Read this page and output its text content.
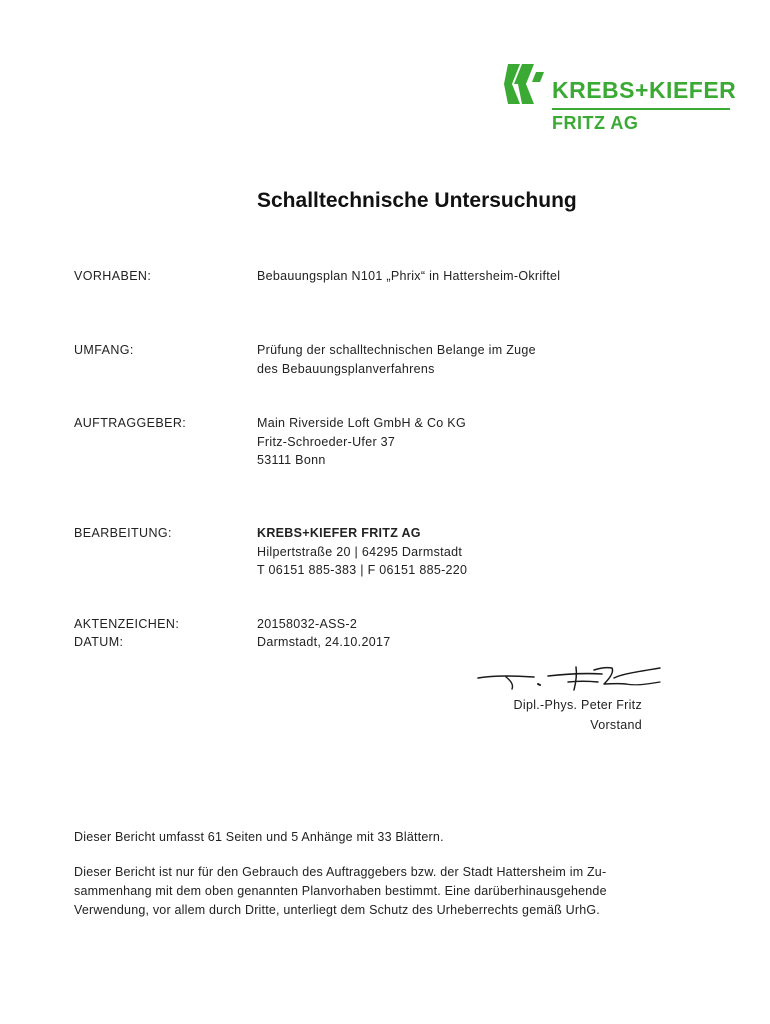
KREBS+KIEFER
FRITZ AG
Schalltechnische Untersuchung
VORHABEN:	Bebauungsplan N101 „Phrix“ in Hattersheim-Okriftel
UMFANG:	Prüfung der schalltechnischen Belange im Zuge
des Bebauungsplanverfahrens
AUFTRAGGEBER:	Main Riverside Loft GmbH & Co KG
Fritz-Schroeder-Ufer 37
53111 Bonn
BEARBEITUNG:	KREBS+KIEFER FRITZ AG
Hilpertstraße 20 | 64295 Darmstadt
T 06151 885-383 | F 06151 885-220
AKTENZEICHEN:	20158032-ASS-2
DATUM:	Darmstadt, 24.10.2017
Dipl.-Phys. Peter Fritz
Vorstand
Dieser Bericht umfasst 61 Seiten und 5 Anhänge mit 33 Blättern.
Dieser Bericht ist nur für den Gebrauch des Auftraggebers bzw. der Stadt Hattersheim im Zu-
sammenhang mit dem oben genannten Planvorhaben bestimmt. Eine darüberhinausgehende
Verwendung, vor allem durch Dritte, unterliegt dem Schutz des Urheberrechts gemäß UrhG.
